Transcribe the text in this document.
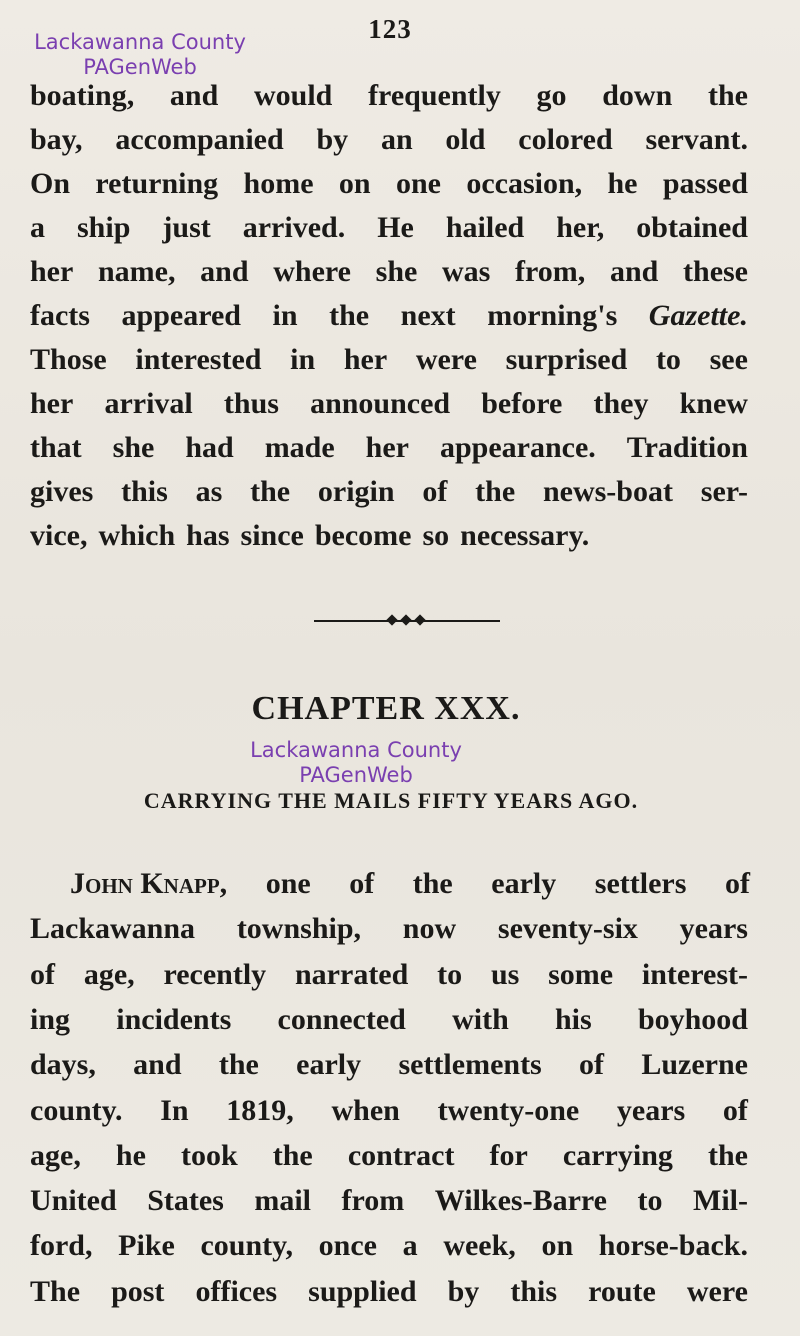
123
Lackawanna County
PAGenWeb
boating, and would frequently go down the
bay, accompanied by an old colored servant.
On returning home on one occasion, he passed
a ship just arrived. He hailed her, obtained
her name, and where she was from, and these
facts appeared in the next morning's Gazette.
Those interested in her were surprised to see
her arrival thus announced before they knew
that she had made her appearance. Tradition
gives this as the origin of the news-boat ser-
vice, which has since become so necessary.
CHAPTER XXX.
Lackawanna County
PAGenWeb
CARRYING THE MAILS FIFTY YEARS AGO.
John Knapp, one of the early settlers of
Lackawanna township, now seventy-six years
of age, recently narrated to us some interest-
ing incidents connected with his boyhood
days, and the early settlements of Luzerne
county. In 1819, when twenty-one years of
age, he took the contract for carrying the
United States mail from Wilkes-Barre to Mil-
ford, Pike county, once a week, on horse-back.
The post offices supplied by this route were
